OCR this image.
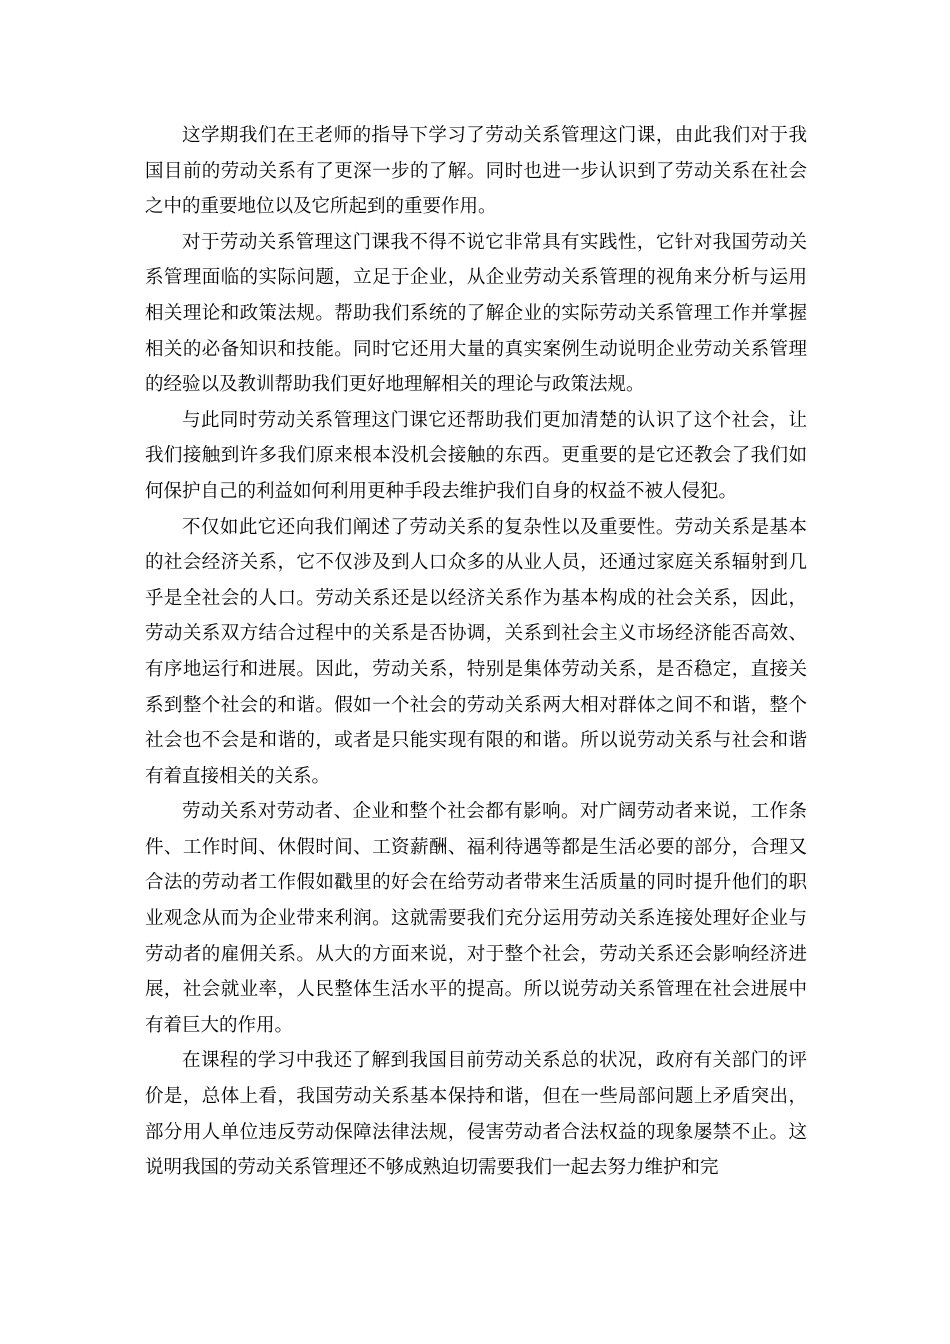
这学期我们在王老师的指导下学习了劳动关系管理这门课，由此我们对于我国目前的劳动关系有了更深一步的了解。同时也进一步认识到了劳动关系在社会之中的重要地位以及它所起到的重要作用。

对于劳动关系管理这门课我不得不说它非常具有实践性，它针对我国劳动关系管理面临的实际问题，立足于企业，从企业劳动关系管理的视角来分析与运用相关理论和政策法规。帮助我们系统的了解企业的实际劳动关系管理工作并掌握相关的必备知识和技能。同时它还用大量的真实案例生动说明企业劳动关系管理的经验以及教训帮助我们更好地理解相关的理论与政策法规。

与此同时劳动关系管理这门课它还帮助我们更加清楚的认识了这个社会，让我们接触到许多我们原来根本没机会接触的东西。更重要的是它还教会了我们如何保护自己的利益如何利用更种手段去维护我们自身的权益不被人侵犯。

不仅如此它还向我们阐述了劳动关系的复杂性以及重要性。劳动关系是基本的社会经济关系，它不仅涉及到人口众多的从业人员，还通过家庭关系辐射到几乎是全社会的人口。劳动关系还是以经济关系作为基本构成的社会关系，因此，劳动关系双方结合过程中的关系是否协调，关系到社会主义市场经济能否高效、有序地运行和进展。因此，劳动关系，特别是集体劳动关系，是否稳定，直接关系到整个社会的和谐。假如一个社会的劳动关系两大相对群体之间不和谐，整个社会也不会是和谐的，或者是只能实现有限的和谐。所以说劳动关系与社会和谐有着直接相关的关系。

劳动关系对劳动者、企业和整个社会都有影响。对广阔劳动者来说，工作条件、工作时间、休假时间、工资薪酬、福利待遇等都是生活必要的部分，合理又合法的劳动者工作假如戳里的好会在给劳动者带来生活质量的同时提升他们的职业观念从而为企业带来利润。这就需要我们充分运用劳动关系连接处理好企业与劳动者的雇佣关系。从大的方面来说，对于整个社会，劳动关系还会影响经济进展，社会就业率，人民整体生活水平的提高。所以说劳动关系管理在社会进展中有着巨大的作用。

在课程的学习中我还了解到我国目前劳动关系总的状况，政府有关部门的评价是，总体上看，我国劳动关系基本保持和谐，但在一些局部问题上矛盾突出，部分用人单位违反劳动保障法律法规，侵害劳动者合法权益的现象屡禁不止。这说明我国的劳动关系管理还不够成熟迫切需要我们一起去努力维护和完
